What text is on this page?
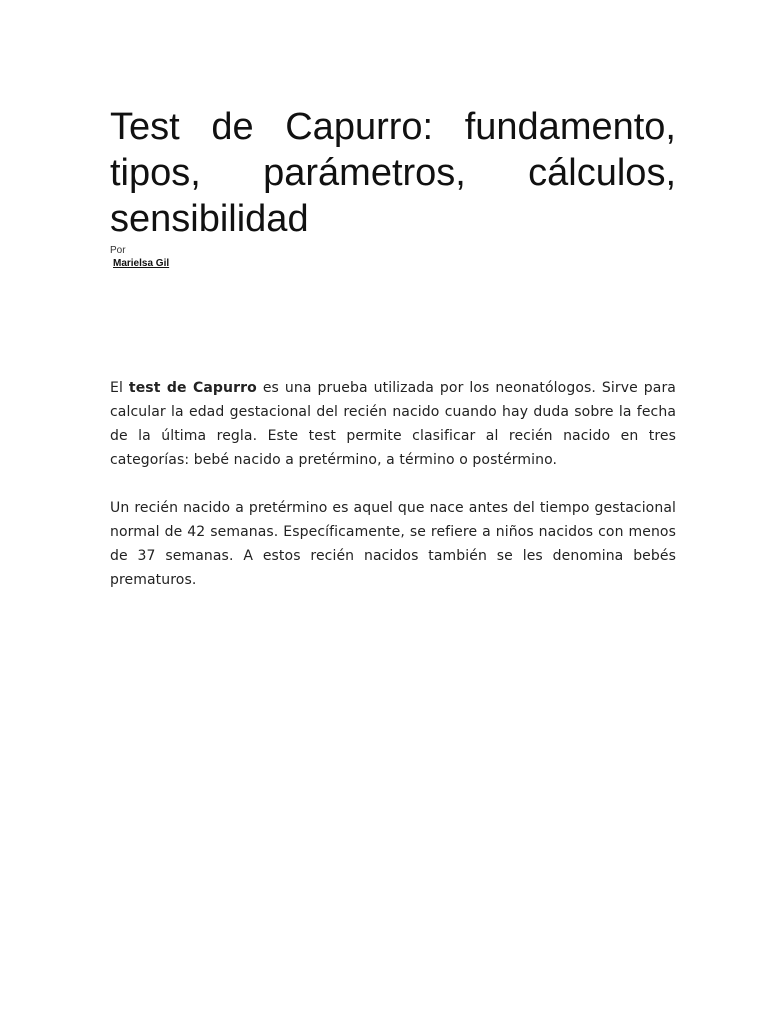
Test de Capurro: fundamento, tipos, parámetros, cálculos, sensibilidad
Por
Marielsa Gil

El test de Capurro es una prueba utilizada por los neonatólogos. Sirve para calcular la edad gestacional del recién nacido cuando hay duda sobre la fecha de la última regla. Este test permite clasificar al recién nacido en tres categorías: bebé nacido a pretérmino, a término o postérmino.

Un recién nacido a pretérmino es aquel que nace antes del tiempo gestacional normal de 42 semanas. Específicamente, se refiere a niños nacidos con menos de 37 semanas. A estos recién nacidos también se les denomina bebés prematuros.
